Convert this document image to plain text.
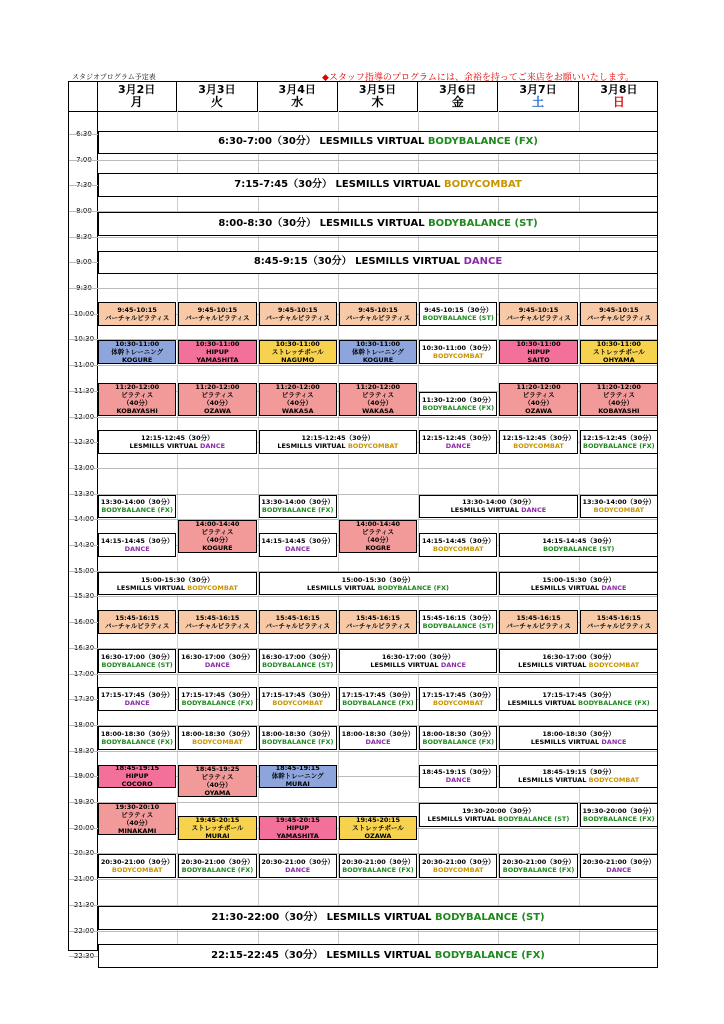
スタジオプログラム予定表	◆スタッフ指導のプログラムには、余裕を持ってご来店をお願いいたします。
3月2日
月
3月3日
火
3月4日
水
3月5日
木
3月6日
金
3月7日
土
3月8日
日
6:30
7:00
7:30
8:00
8:30
9:00
9:30
10:00
10:30
11:00
11:30
12:00
12:30
13:00
13:30
14:00
14:30
15:00
15:30
16:00
16:30
17:00
17:30
18:00
18:30
19:00
19:30
20:00
20:30
21:00
21:30
22:00
22:30
6:30-7:00（30分） LESMILLS VIRTUAL BODYBALANCE (FX)
7:15-7:45（30分） LESMILLS VIRTUAL BODYCOMBAT
8:00-8:30（30分） LESMILLS VIRTUAL BODYBALANCE (ST)
8:45-9:15（30分） LESMILLS VIRTUAL DANCE
9:45-10:15
バーチャルピラティス
9:45-10:15
バーチャルピラティス
9:45-10:15
バーチャルピラティス
9:45-10:15
バーチャルピラティス
9:45-10:15（30分）
BODYBALANCE (ST)
9:45-10:15
バーチャルピラティス
9:45-10:15
バーチャルピラティス
10:30-11:00
体幹トレーニング
KOGURE
10:30-11:00
HIPUP
YAMASHITA
10:30-11:00
ストレッチポール
NAGUMO
10:30-11:00
体幹トレーニング
KOGURE
10:30-11:00（30分）
BODYCOMBAT
10:30-11:00
HIPUP
SAITO
10:30-11:00
ストレッチポール
OHYAMA
11:20-12:00
ピラティス
（40分）
KOBAYASHI
11:20-12:00
ピラティス
（40分）
OZAWA
11:20-12:00
ピラティス
（40分）
WAKASA
11:20-12:00
ピラティス
（40分）
WAKASA
11:30-12:00（30分）
BODYBALANCE (FX)
11:20-12:00
ピラティス
（40分）
OZAWA
11:20-12:00
ピラティス
（40分）
KOBAYASHI
12:15-12:45（30分）
LESMILLS VIRTUAL DANCE
12:15-12:45（30分）
LESMILLS VIRTUAL BODYCOMBAT
12:15-12:45（30分）
DANCE
12:15-12:45（30分）
BODYCOMBAT
12:15-12:45（30分）
BODYBALANCE (FX)
13:30-14:00（30分）
BODYBALANCE (FX)
13:30-14:00（30分）
BODYBALANCE (FX)
13:30-14:00（30分）
LESMILLS VIRTUAL DANCE
13:30-14:00（30分）
BODYCOMBAT
14:00-14:40
ピラティス
（40分）
KOGURE
14:00-14:40
ピラティス
（40分）
KOGRE
14:15-14:45（30分）
DANCE
14:15-14:45（30分）
DANCE
14:15-14:45（30分）
BODYCOMBAT
14:15-14:45（30分）
BODYBALANCE (ST)
15:00-15:30（30分）
LESMILLS VIRTUAL BODYCOMBAT
15:00-15:30（30分）
LESMILLS VIRTUAL BODYBALANCE (FX)
15:00-15:30（30分）
LESMILLS VIRTUAL DANCE
15:45-16:15
バーチャルピラティス
15:45-16:15
バーチャルピラティス
15:45-16:15
バーチャルピラティス
15:45-16:15
バーチャルピラティス
15:45-16:15（30分）
BODYBALANCE (ST)
15:45-16:15
バーチャルピラティス
15:45-16:15
バーチャルピラティス
16:30-17:00（30分）
BODYBALANCE (ST)
16:30-17:00（30分）
DANCE
16:30-17:00（30分）
BODYBALANCE (ST)
16:30-17:00（30分）
LESMILLS VIRTUAL DANCE
16:30-17:00（30分）
LESMILLS VIRTUAL BODYCOMBAT
17:15-17:45（30分）
DANCE
17:15-17:45（30分）
BODYBALANCE (FX)
17:15-17:45（30分）
BODYCOMBAT
17:15-17:45（30分）
BODYBALANCE (FX)
17:15-17:45（30分）
BODYCOMBAT
17:15-17:45（30分）
LESMILLS VIRTUAL BODYBALANCE (FX)
18:00-18:30（30分）
BODYBALANCE (FX)
18:00-18:30（30分）
BODYCOMBAT
18:00-18:30（30分）
BODYBALANCE (FX)
18:00-18:30（30分）
DANCE
18:00-18:30（30分）
BODYBALANCE (FX)
18:00-18:30（30分）
LESMILLS VIRTUAL DANCE
18:45-19:15
HIPUP
COCORO
18:45-19:25
ピラティス
（40分）
OYAMA
18:45-19:15
体幹トレーニング
MURAI
18:45-19:15（30分）
DANCE
18:45-19:15（30分）
LESMILLS VIRTUAL BODYCOMBAT
19:30-20:10
ピラティス
（40分）
MINAKAMI
19:45-20:15
ストレッチポール
MURAI
19:45-20:15
HIPUP
YAMASHITA
19:45-20:15
ストレッチポール
OZAWA
19:30-20:00（30分）
LESMILLS VIRTUAL BODYBALANCE (ST)
19:30-20:00（30分）
BODYBALANCE (FX)
20:30-21:00（30分）
BODYCOMBAT
20:30-21:00（30分）
BODYBALANCE (FX)
20:30-21:00（30分）
DANCE
20:30-21:00（30分）
BODYBALANCE (FX)
20:30-21:00（30分）
BODYCOMBAT
20:30-21:00（30分）
BODYBALANCE (FX)
20:30-21:00（30分）
DANCE
21:30-22:00（30分） LESMILLS VIRTUAL BODYBALANCE (ST)
22:15-22:45（30分） LESMILLS VIRTUAL BODYBALANCE (FX)
